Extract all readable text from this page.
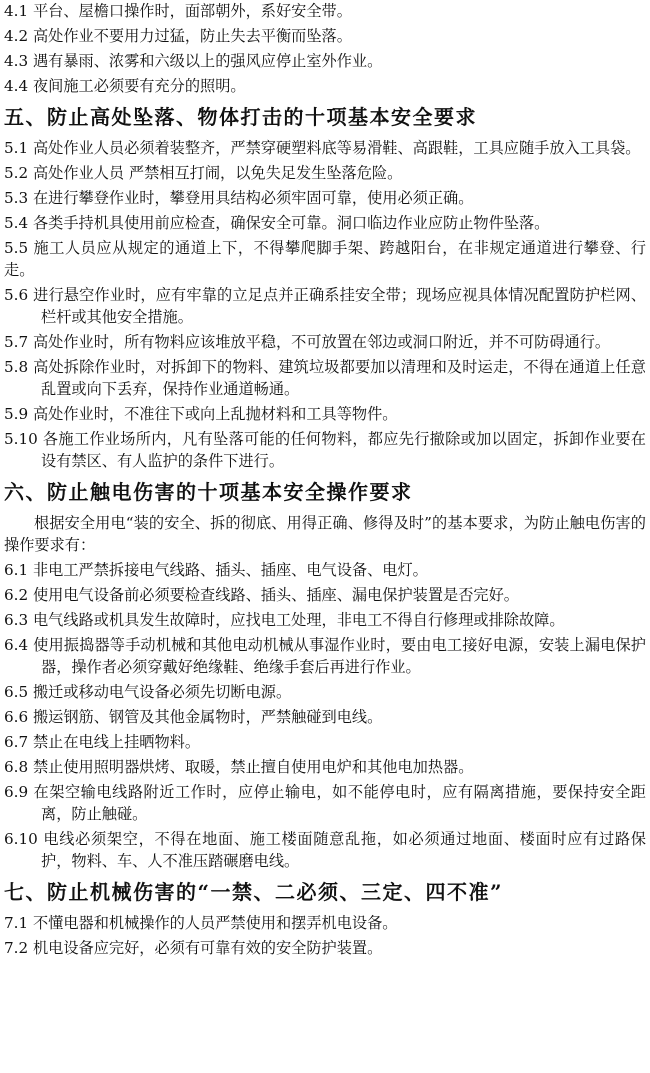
4.1 平台、屋檐口操作时，面部朝外，系好安全带。

4.2 高处作业不要用力过猛，防止失去平衡而坠落。

4.3 遇有暴雨、浓雾和六级以上的强风应停止室外作业。

4.4 夜间施工必须要有充分的照明。

五、防止高处坠落、物体打击的十项基本安全要求

5.1 高处作业人员必须着装整齐，严禁穿硬塑料底等易滑鞋、高跟鞋，工具应随手放入工具袋。

5.2 高处作业人员 严禁相互打闹，以免失足发生坠落危险。

5.3 在进行攀登作业时，攀登用具结构必须牢固可靠，使用必须正确。

5.4 各类手持机具使用前应检查，确保安全可靠。洞口临边作业应防止物件坠落。

5.5 施工人员应从规定的通道上下，不得攀爬脚手架、跨越阳台，在非规定通道进行攀登、行走。

5.6 进行悬空作业时，应有牢靠的立足点并正确系挂安全带；现场应视具体情况配置防护栏网、栏杆或其他安全措施。

5.7 高处作业时，所有物料应该堆放平稳，不可放置在邻边或洞口附近，并不可防碍通行。

5.8 高处拆除作业时，对拆卸下的物料、建筑垃圾都要加以清理和及时运走，不得在通道上任意乱置或向下丢弃，保持作业通道畅通。

5.9 高处作业时，不准往下或向上乱抛材料和工具等物件。

5.10 各施工作业场所内，凡有坠落可能的任何物料，都应先行撤除或加以固定，拆卸作业要在设有禁区、有人监护的条件下进行。

六、防止触电伤害的十项基本安全操作要求

根据安全用电“装的安全、拆的彻底、用得正确、修得及时”的基本要求，为防止触电伤害的操作要求有：

6.1 非电工严禁拆接电气线路、插头、插座、电气设备、电灯。

6.2 使用电气设备前必须要检查线路、插头、插座、漏电保护装置是否完好。

6.3 电气线路或机具发生故障时，应找电工处理，非电工不得自行修理或排除故障。

6.4 使用振捣器等手动机械和其他电动机械从事湿作业时，要由电工接好电源，安装上漏电保护器，操作者必须穿戴好绝缘鞋、绝缘手套后再进行作业。

6.5 搬迁或移动电气设备必须先切断电源。

6.6 搬运钢筋、钢管及其他金属物时，严禁触碰到电线。

6.7 禁止在电线上挂晒物料。

6.8 禁止使用照明器烘烤、取暖，禁止擅自使用电炉和其他电加热器。

6.9 在架空输电线路附近工作时，应停止输电，如不能停电时，应有隔离措施，要保持安全距离，防止触碰。

6.10 电线必须架空，不得在地面、施工楼面随意乱拖，如必须通过地面、楼面时应有过路保护，物料、车、人不准压踏碾磨电线。

七、防止机械伤害的“一禁、二必须、三定、四不准”

7.1 不懂电器和机械操作的人员严禁使用和摆弄机电设备。

7.2 机电设备应完好，必须有可靠有效的安全防护装置。
